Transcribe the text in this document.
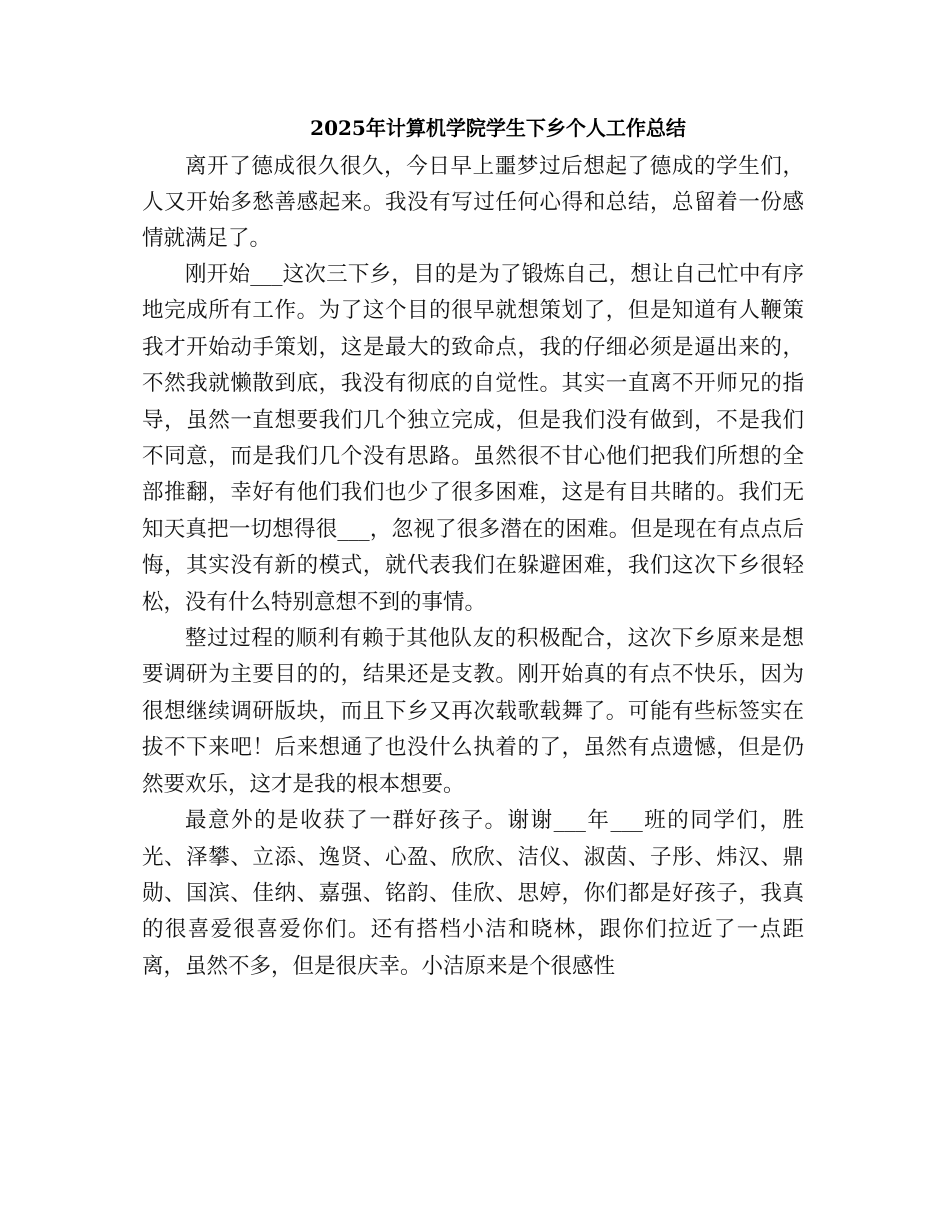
2025年计算机学院学生下乡个人工作总结

离开了德成很久很久，今日早上噩梦过后想起了德成的学生们，人又开始多愁善感起来。我没有写过任何心得和总结，总留着一份感情就满足了。

刚开始___这次三下乡，目的是为了锻炼自己，想让自己忙中有序地完成所有工作。为了这个目的很早就想策划了，但是知道有人鞭策我才开始动手策划，这是最大的致命点，我的仔细必须是逼出来的，不然我就懒散到底，我没有彻底的自觉性。其实一直离不开师兄的指导，虽然一直想要我们几个独立完成，但是我们没有做到，不是我们不同意，而是我们几个没有思路。虽然很不甘心他们把我们所想的全部推翻，幸好有他们我们也少了很多困难，这是有目共睹的。我们无知天真把一切想得很___，忽视了很多潜在的困难。但是现在有点点后悔，其实没有新的模式，就代表我们在躲避困难，我们这次下乡很轻松，没有什么特别意想不到的事情。

整过过程的顺利有赖于其他队友的积极配合，这次下乡原来是想要调研为主要目的的，结果还是支教。刚开始真的有点不快乐，因为很想继续调研版块，而且下乡又再次载歌载舞了。可能有些标签实在拔不下来吧！后来想通了也没什么执着的了，虽然有点遗憾，但是仍然要欢乐，这才是我的根本想要。

最意外的是收获了一群好孩子。谢谢___年___班的同学们，胜光、泽攀、立添、逸贤、心盈、欣欣、洁仪、淑茵、子彤、炜汉、鼎勋、国滨、佳纳、嘉强、铭韵、佳欣、思婷，你们都是好孩子，我真的很喜爱很喜爱你们。还有搭档小洁和晓林，跟你们拉近了一点距离，虽然不多，但是很庆幸。小洁原来是个很感性
